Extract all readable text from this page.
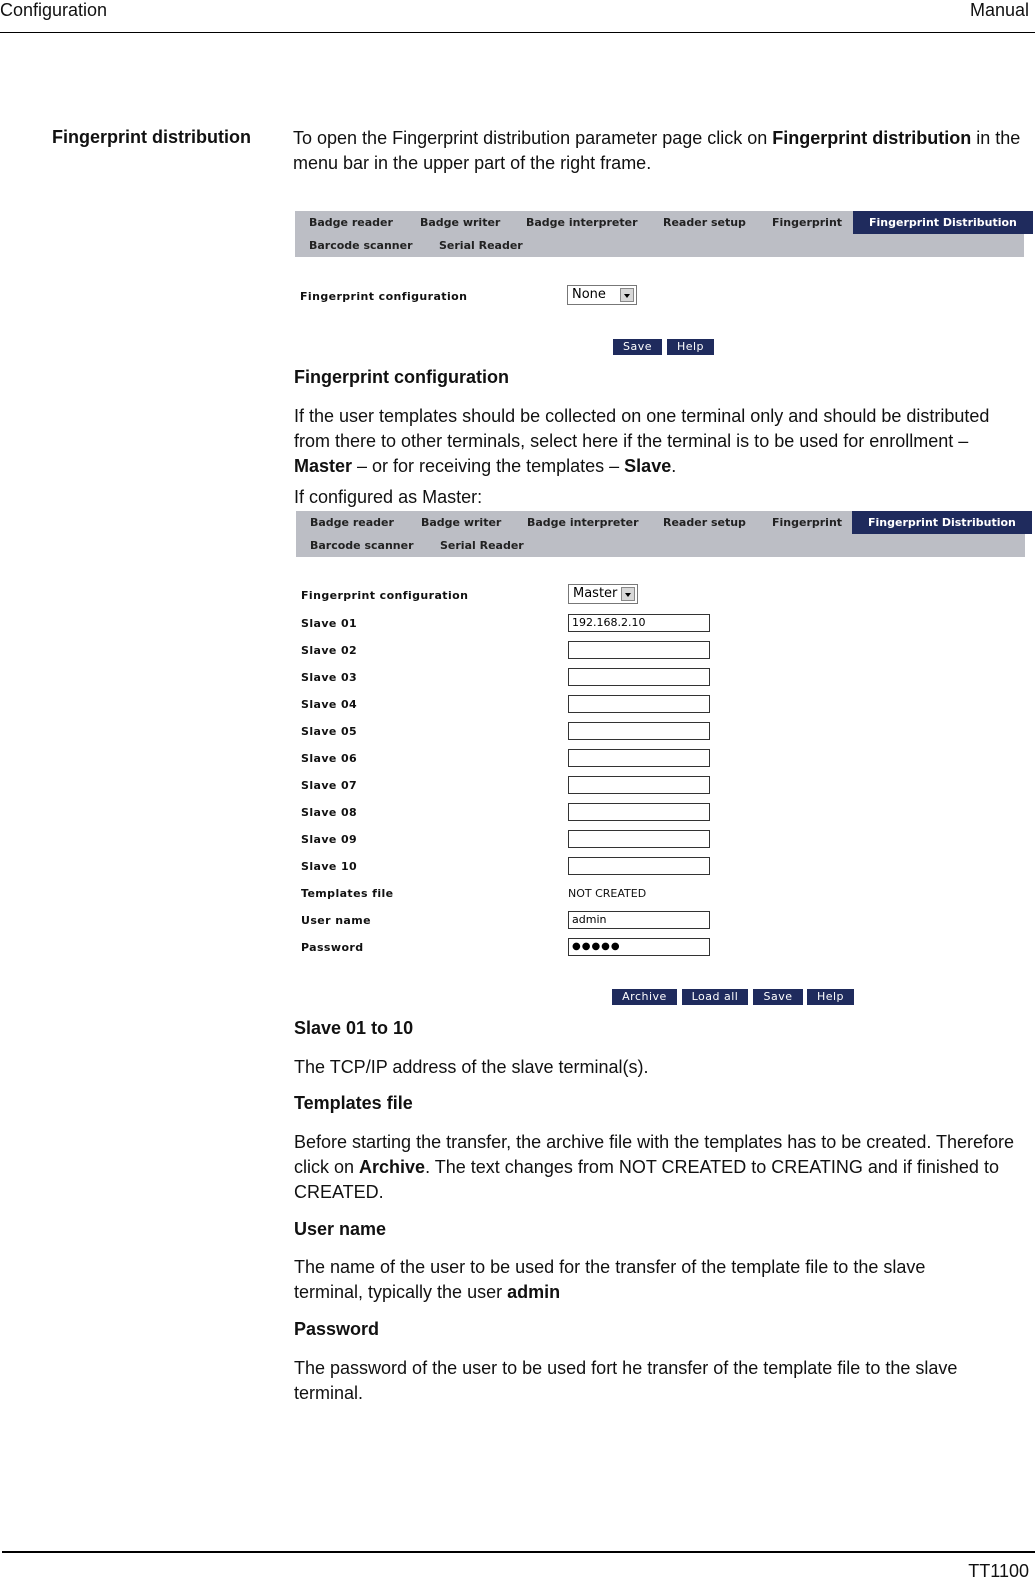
Configuration	Manual
Fingerprint distribution To open the Fingerprint distribution parameter page click on Fingerprint distribution in the menu bar in the upper part of the right frame.
Badge reader Badge writer Badge interpreter Reader setup Fingerprint	Fingerprint Distribution
Barcode scanner Serial Reader
Fingerprint configuration	None
Save	Help
Fingerprint configuration
If the user templates should be collected on one terminal only and should be distributed from there to other terminals, select here if the terminal is to be used for enrollment – Master – or for receiving the templates – Slave.
If configured as Master:
Badge reader Badge writer Badge interpreter Reader setup Fingerprint	Fingerprint Distribution
Barcode scanner Serial Reader
Fingerprint configuration	Master
Slave 01	192.168.2.10
Slave 02
Slave 03
Slave 04
Slave 05
Slave 06
Slave 07
Slave 08
Slave 09
Slave 10
Templates file	NOT CREATED
User name	admin
Password	●●●●●
Archive	Load all	Save	Help
Slave 01 to 10
The TCP/IP address of the slave terminal(s).
Templates file
Before starting the transfer, the archive file with the templates has to be created. Therefore click on Archive. The text changes from NOT CREATED to CREATING and if finished to CREATED.
User name
The name of the user to be used for the transfer of the template file to the slave terminal, typically the user admin
Password
The password of the user to be used fort he transfer of the template file to the slave terminal.
TT1100
